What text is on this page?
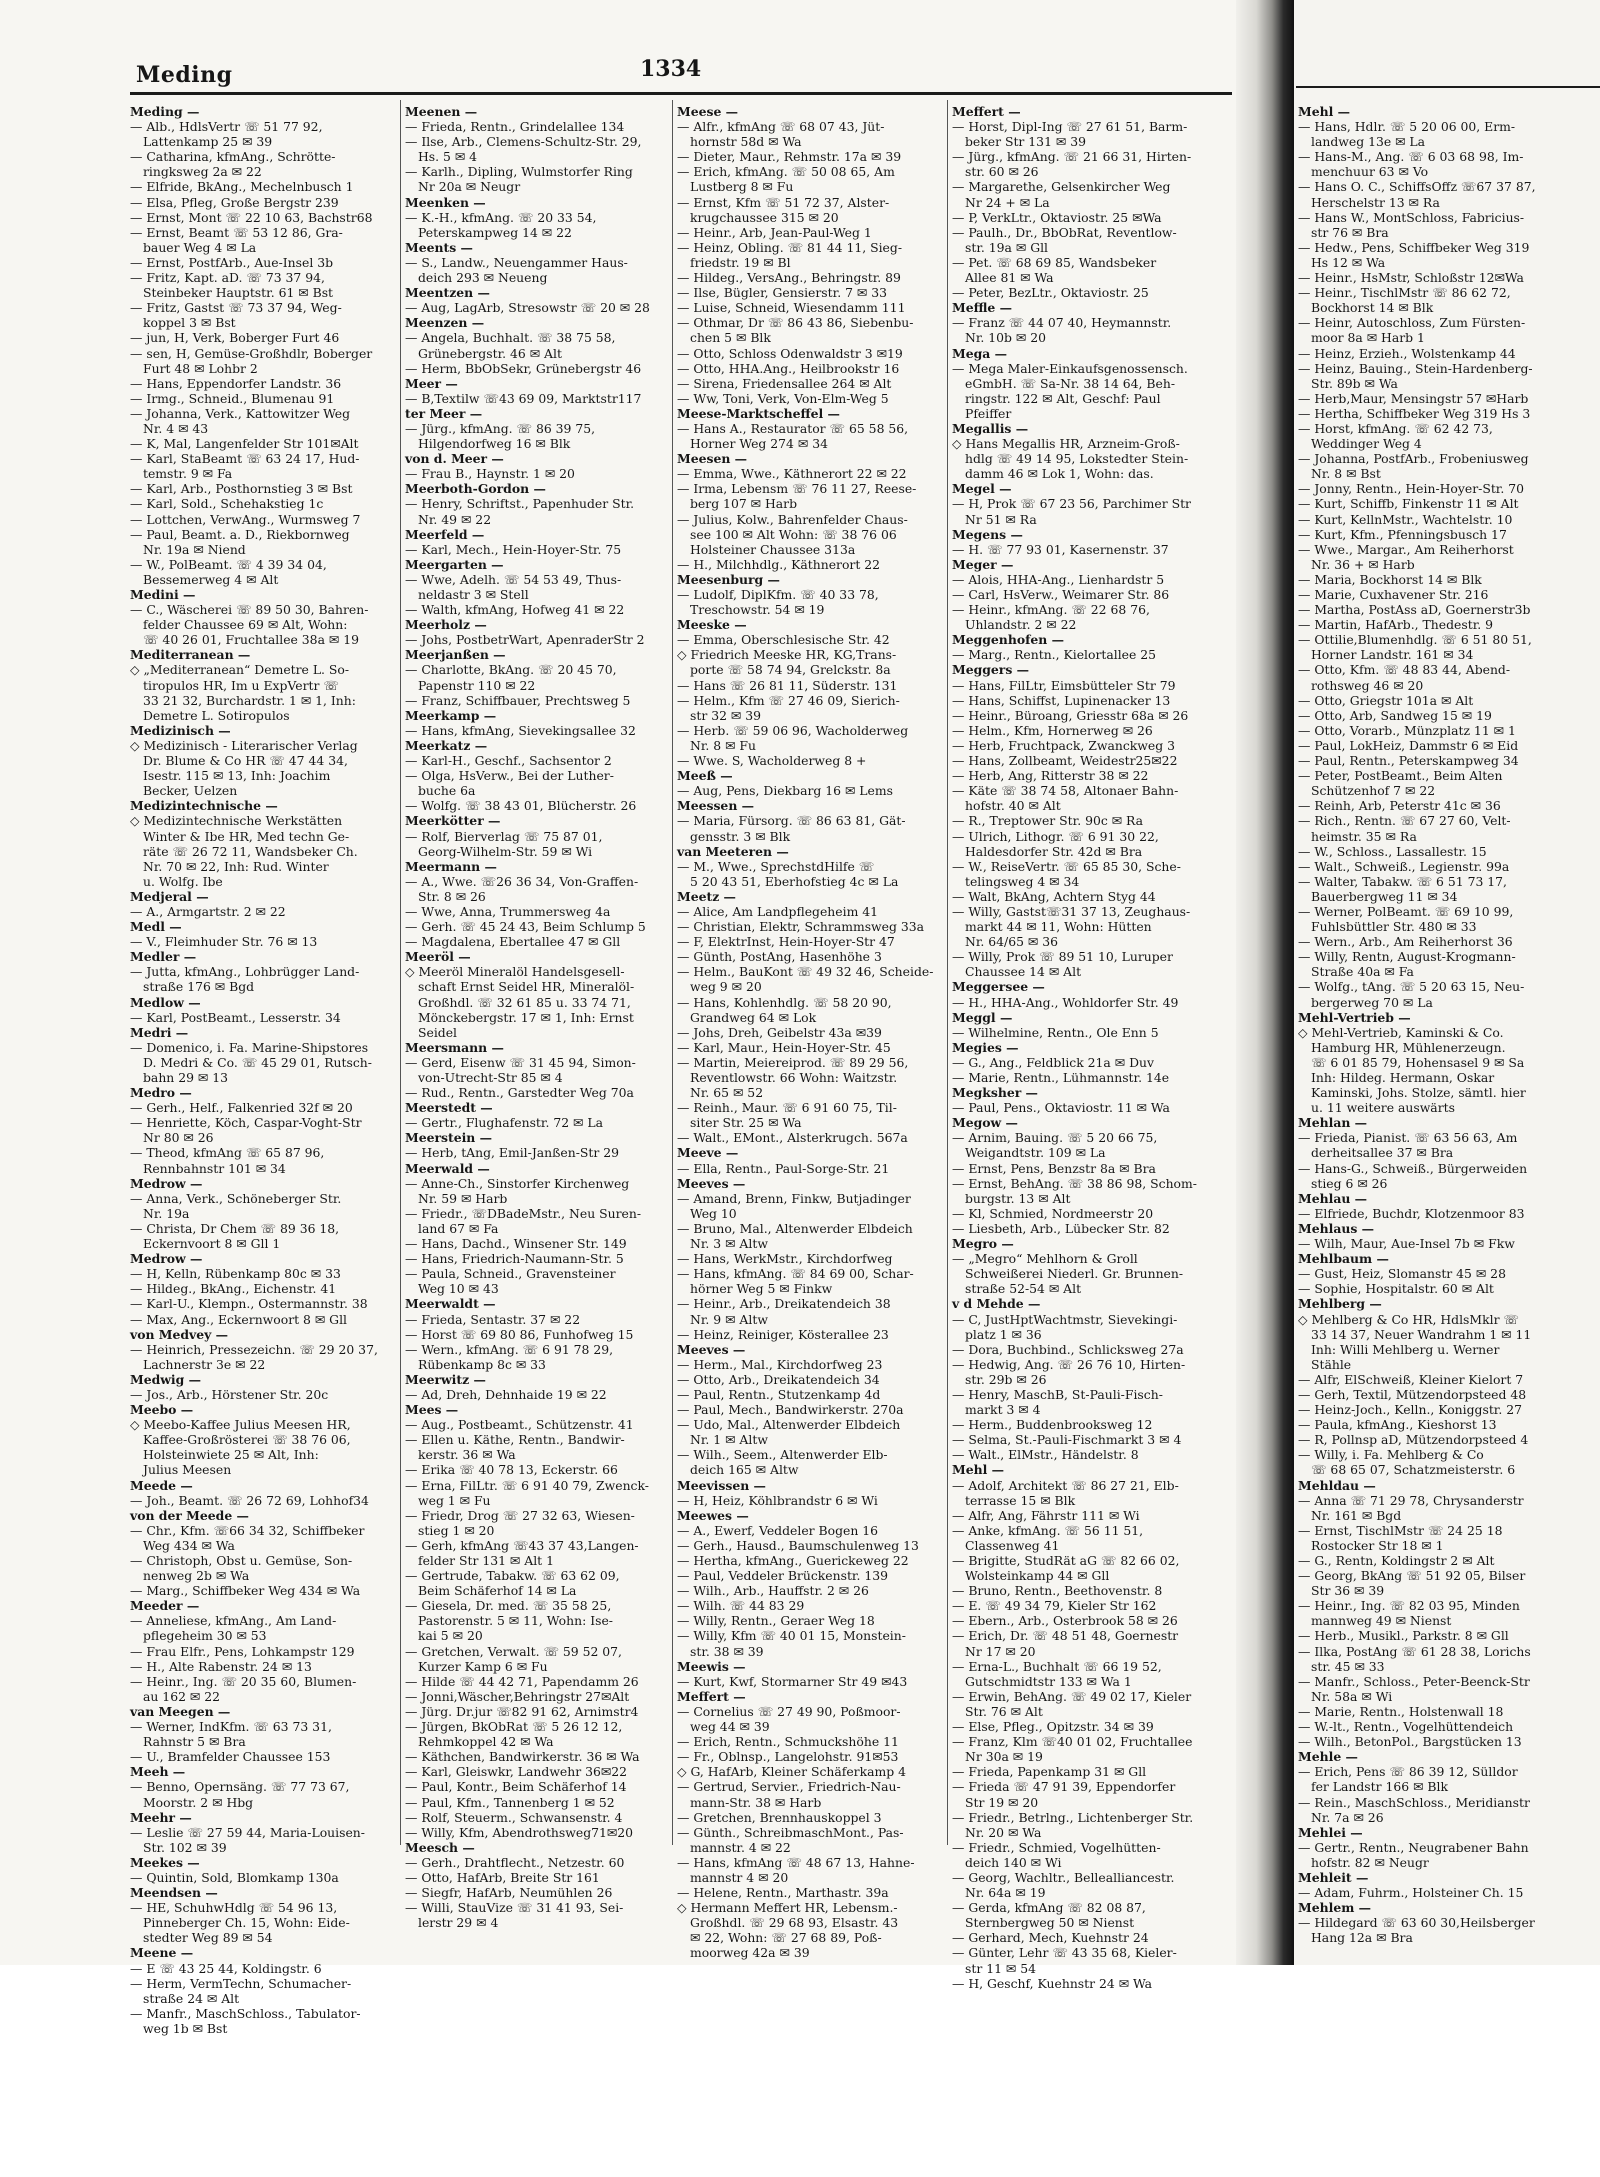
Meding	1334
Meding —
— Alb., HdlsVertr ☏ 51 77 92,
Lattenkamp 25 ✉ 39
— Catharina, kfmAng., Schrötte-
ringksweg 2a ✉ 22
— Elfride, BkAng., Mechelnbusch 1
— Elsa, Pfleg, Große Bergstr 239
— Ernst, Mont ☏ 22 10 63, Bachstr68
— Ernst, Beamt ☏ 53 12 86, Gra-
bauer Weg 4 ✉ La
— Ernst, PostfArb., Aue-Insel 3b
— Fritz, Kapt. aD. ☏ 73 37 94,
Steinbeker Hauptstr. 61 ✉ Bst
— Fritz, Gastst ☏ 73 37 94, Weg-
koppel 3 ✉ Bst
— jun, H, Verk, Boberger Furt 46
— sen, H, Gemüse-Großhdlr, Boberger
Furt 48 ✉ Lohbr 2
— Hans, Eppendorfer Landstr. 36
— Irmg., Schneid., Blumenau 91
— Johanna, Verk., Kattowitzer Weg
Nr. 4 ✉ 43
— K, Mal, Langenfelder Str 101✉Alt
— Karl, StaBeamt ☏ 63 24 17, Hud-
temstr. 9 ✉ Fa
— Karl, Arb., Posthornstieg 3 ✉ Bst
— Karl, Sold., Schehakstieg 1c
— Lottchen, VerwAng., Wurmsweg 7
— Paul, Beamt. a. D., Riekbornweg
Nr. 19a ✉ Niend
— W., PolBeamt. ☏ 4 39 34 04,
Bessemerweg 4 ✉ Alt
Medini —
— C., Wäscherei ☏ 89 50 30, Bahren-
felder Chaussee 69 ✉ Alt, Wohn:
☏ 40 26 01, Fruchtallee 38a ✉ 19
Mediterranean —
◇ „Mediterranean“ Demetre L. So-
tiropulos HR, Im u ExpVertr ☏
33 21 32, Burchardstr. 1 ✉ 1, Inh:
Demetre L. Sotiropulos
Medizinisch —
◇ Medizinisch - Literarischer Verlag
Dr. Blume & Co HR ☏ 47 44 34,
Isestr. 115 ✉ 13, Inh: Joachim
Becker, Uelzen
Medizintechnische —
◇ Medizintechnische Werkstätten
Winter & Ibe HR, Med techn Ge-
räte ☏ 26 72 11, Wandsbeker Ch.
Nr. 70 ✉ 22, Inh: Rud. Winter
u. Wolfg. Ibe
Medjeral —
— A., Armgartstr. 2 ✉ 22
Medl —
— V., Fleimhuder Str. 76 ✉ 13
Medler —
— Jutta, kfmAng., Lohbrügger Land-
straße 176 ✉ Bgd
Medlow —
— Karl, PostBeamt., Lesserstr. 34
Medri —
— Domenico, i. Fa. Marine-Shipstores
D. Medri & Co. ☏ 45 29 01, Rutsch-
bahn 29 ✉ 13
Medro —
— Gerh., Helf., Falkenried 32f ✉ 20
— Henriette, Köch, Caspar-Voght-Str
Nr 80 ✉ 26
— Theod, kfmAng ☏ 65 87 96,
Rennbahnstr 101 ✉ 34
Medrow —
— Anna, Verk., Schöneberger Str.
Nr. 19a
— Christa, Dr Chem ☏ 89 36 18,
Eckernvoort 8 ✉ Gll 1
Medrow —
— H, Kelln, Rübenkamp 80c ✉ 33
— Hildeg., BkAng., Eichenstr. 41
— Karl-U., Klempn., Ostermannstr. 38
— Max, Ang., Eckernwoort 8 ✉ Gll
von Medvey —
— Heinrich, Pressezeichn. ☏ 29 20 37,
Lachnerstr 3e ✉ 22
Medwig —
— Jos., Arb., Hörstener Str. 20c
Meebo —
◇ Meebo-Kaffee Julius Meesen HR,
Kaffee-Großrösterei ☏ 38 76 06,
Holsteinwiete 25 ✉ Alt, Inh:
Julius Meesen
Meede —
— Joh., Beamt. ☏ 26 72 69, Lohhof34
von der Meede —
— Chr., Kfm. ☏66 34 32, Schiffbeker
Weg 434 ✉ Wa
— Christoph, Obst u. Gemüse, Son-
nenweg 2b ✉ Wa
— Marg., Schiffbeker Weg 434 ✉ Wa
Meeder —
— Anneliese, kfmAng., Am Land-
pflegeheim 30 ✉ 53
— Frau Elfr., Pens, Lohkampstr 129
— H., Alte Rabenstr. 24 ✉ 13
— Heinr., Ing. ☏ 20 35 60, Blumen-
au 162 ✉ 22
van Meegen —
— Werner, IndKfm. ☏ 63 73 31,
Rahnstr 5 ✉ Bra
— U., Bramfelder Chaussee 153
Meeh —
— Benno, Opernsäng. ☏ 77 73 67,
Moorstr. 2 ✉ Hbg
Meehr —
— Leslie ☏ 27 59 44, Maria-Louisen-
Str. 102 ✉ 39
Meekes —
— Quintin, Sold, Blomkamp 130a
Meendsen —
— HE, SchuhwHdlg ☏ 54 96 13,
Pinneberger Ch. 15, Wohn: Eide-
stedter Weg 89 ✉ 54
Meene —
— E ☏ 43 25 44, Koldingstr. 6
— Herm, VermTechn, Schumacher-
straße 24 ✉ Alt
— Manfr., MaschSchloss., Tabulator-
weg 1b ✉ Bst
Meenen —
— Frieda, Rentn., Grindelallee 134
— Ilse, Arb., Clemens-Schultz-Str. 29,
Hs. 5 ✉ 4
— Karlh., Dipling, Wulmstorfer Ring
Nr 20a ✉ Neugr
Meenken —
— K.-H., kfmAng. ☏ 20 33 54,
Peterskampweg 14 ✉ 22
Meents —
— S., Landw., Neuengammer Haus-
deich 293 ✉ Neueng
Meentzen —
— Aug, LagArb, Stresowstr ☏ 20 ✉ 28
Meenzen —
— Angela, Buchhalt. ☏ 38 75 58,
Grünebergstr. 46 ✉ Alt
— Herm, BbObSekr, Grünebergstr 46
Meer —
— B,Textilw ☏43 69 09, Marktstr117
ter Meer —
— Jürg., kfmAng. ☏ 86 39 75,
Hilgendorfweg 16 ✉ Blk
von d. Meer —
— Frau B., Haynstr. 1 ✉ 20
Meerboth-Gordon —
— Henry, Schriftst., Papenhuder Str.
Nr. 49 ✉ 22
Meerfeld —
— Karl, Mech., Hein-Hoyer-Str. 75
Meergarten —
— Wwe, Adelh. ☏ 54 53 49, Thus-
neldastr 3 ✉ Stell
— Walth, kfmAng, Hofweg 41 ✉ 22
Meerholz —
— Johs, PostbetrWart, ApenraderStr 2
Meerjanßen —
— Charlotte, BkAng. ☏ 20 45 70,
Papenstr 110 ✉ 22
— Franz, Schiffbauer, Prechtsweg 5
Meerkamp —
— Hans, kfmAng, Sievekingsallee 32
Meerkatz —
— Karl-H., Geschf., Sachsentor 2
— Olga, HsVerw., Bei der Luther-
buche 6a
— Wolfg. ☏ 38 43 01, Blücherstr. 26
Meerkötter —
— Rolf, Bierverlag ☏ 75 87 01,
Georg-Wilhelm-Str. 59 ✉ Wi
Meermann —
— A., Wwe. ☏26 36 34, Von-Graffen-
Str. 8 ✉ 26
— Wwe, Anna, Trummersweg 4a
— Gerh. ☏ 45 24 43, Beim Schlump 5
— Magdalena, Ebertallee 47 ✉ Gll
Meeröl —
◇ Meeröl Mineralöl Handelsgesell-
schaft Ernst Seidel HR, Mineralöl-
Großhdl. ☏ 32 61 85 u. 33 74 71,
Mönckebergstr. 17 ✉ 1, Inh: Ernst
Seidel
Meersmann —
— Gerd, Eisenw ☏ 31 45 94, Simon-
von-Utrecht-Str 85 ✉ 4
— Rud., Rentn., Garstedter Weg 70a
Meerstedt —
— Gertr., Flughafenstr. 72 ✉ La
Meerstein —
— Herb, tAng, Emil-Janßen-Str 29
Meerwald —
— Anne-Ch., Sinstorfer Kirchenweg
Nr. 59 ✉ Harb
— Friedr., ☏DBadeMstr., Neu Suren-
land 67 ✉ Fa
— Hans, Dachd., Winsener Str. 149
— Hans, Friedrich-Naumann-Str. 5
— Paula, Schneid., Gravensteiner
Weg 10 ✉ 43
Meerwaldt —
— Frieda, Sentastr. 37 ✉ 22
— Horst ☏ 69 80 86, Funhofweg 15
— Wern., kfmAng. ☏ 6 91 78 29,
Rübenkamp 8c ✉ 33
Meerwitz —
— Ad, Dreh, Dehnhaide 19 ✉ 22
Mees —
— Aug., Postbeamt., Schützenstr. 41
— Ellen u. Käthe, Rentn., Bandwir-
kerstr. 36 ✉ Wa
— Erika ☏ 40 78 13, Eckerstr. 66
— Erna, FilLtr. ☏ 6 91 40 79, Zwenck-
weg 1 ✉ Fu
— Friedr, Drog ☏ 27 32 63, Wiesen-
stieg 1 ✉ 20
— Gerh, kfmAng ☏43 37 43,Langen-
felder Str 131 ✉ Alt 1
— Gertrude, Tabakw. ☏ 63 62 09,
Beim Schäferhof 14 ✉ La
— Giesela, Dr. med. ☏ 35 58 25,
Pastorenstr. 5 ✉ 11, Wohn: Ise-
kai 5 ✉ 20
— Gretchen, Verwalt. ☏ 59 52 07,
Kurzer Kamp 6 ✉ Fu
— Hilde ☏ 44 42 71, Papendamm 26
— Jonni,Wäscher,Behringstr 27✉Alt
— Jürg. Dr.jur ☏82 91 62, Arnimstr4
— Jürgen, BkObRat ☏ 5 26 12 12,
Rehmkoppel 42 ✉ Wa
— Käthchen, Bandwirkerstr. 36 ✉ Wa
— Karl, Gleiswkr, Landwehr 36✉22
— Paul, Kontr., Beim Schäferhof 14
— Paul, Kfm., Tannenberg 1 ✉ 52
— Rolf, Steuerm., Schwansenstr. 4
— Willy, Kfm, Abendrothsweg71✉20
Meesch —
— Gerh., Drahtflecht., Netzestr. 60
— Otto, HafArb, Breite Str 161
— Siegfr, HafArb, Neumühlen 26
— Willi, StauVize ☏ 31 41 93, Sei-
lerstr 29 ✉ 4
Meese —
— Alfr., kfmAng ☏ 68 07 43, Jüt-
hornstr 58d ✉ Wa
— Dieter, Maur., Rehmstr. 17a ✉ 39
— Erich, kfmAng. ☏ 50 08 65, Am
Lustberg 8 ✉ Fu
— Ernst, Kfm ☏ 51 72 37, Alster-
krugchaussee 315 ✉ 20
— Heinr., Arb, Jean-Paul-Weg 1
— Heinz, Obling. ☏ 81 44 11, Sieg-
friedstr. 19 ✉ Bl
— Hildeg., VersAng., Behringstr. 89
— Ilse, Bügler, Gensierstr. 7 ✉ 33
— Luise, Schneid, Wiesendamm 111
— Othmar, Dr ☏ 86 43 86, Siebenbu-
chen 5 ✉ Blk
— Otto, Schloss Odenwaldstr 3 ✉19
— Otto, HHA.Ang., Heilbrookstr 16
— Sirena, Friedensallee 264 ✉ Alt
— Ww, Toni, Verk, Von-Elm-Weg 5
Meese-Marktscheffel —
— Hans A., Restaurator ☏ 65 58 56,
Horner Weg 274 ✉ 34
Meesen —
— Emma, Wwe., Käthnerort 22 ✉ 22
— Irma, Lebensm ☏ 76 11 27, Reese-
berg 107 ✉ Harb
— Julius, Kolw., Bahrenfelder Chaus-
see 100 ✉ Alt Wohn: ☏ 38 76 06
Holsteiner Chaussee 313a
— H., Milchhdlg., Käthnerort 22
Meesenburg —
— Ludolf, DiplKfm. ☏ 40 33 78,
Treschowstr. 54 ✉ 19
Meeske —
— Emma, Oberschlesische Str. 42
◇ Friedrich Meeske HR, KG,Trans-
porte ☏ 58 74 94, Grelckstr. 8a
— Hans ☏ 26 81 11, Süderstr. 131
— Helm., Kfm ☏ 27 46 09, Sierich-
str 32 ✉ 39
— Herb. ☏ 59 06 96, Wacholderweg
Nr. 8 ✉ Fu
— Wwe. S, Wacholderweg 8 +
Meeß —
— Aug, Pens, Diekbarg 16 ✉ Lems
Meessen —
— Maria, Fürsorg. ☏ 86 63 81, Gät-
gensstr. 3 ✉ Blk
van Meeteren —
— M., Wwe., SprechstdHilfe ☏
5 20 43 51, Eberhofstieg 4c ✉ La
Meetz —
— Alice, Am Landpflegeheim 41
— Christian, Elektr, Schrammsweg 33a
— F, ElektrInst, Hein-Hoyer-Str 47
— Günth, PostAng, Hasenhöhe 3
— Helm., BauKont ☏ 49 32 46, Scheide-
weg 9 ✉ 20
— Hans, Kohlenhdlg. ☏ 58 20 90,
Grandweg 64 ✉ Lok
— Johs, Dreh, Geibelstr 43a ✉39
— Karl, Maur., Hein-Hoyer-Str. 45
— Martin, Meiereiprod. ☏ 89 29 56,
Reventlowstr. 66 Wohn: Waitzstr.
Nr. 65 ✉ 52
— Reinh., Maur. ☏ 6 91 60 75, Til-
siter Str. 25 ✉ Wa
— Walt., EMont., Alsterkrugch. 567a
Meeve —
— Ella, Rentn., Paul-Sorge-Str. 21
Meeves —
— Amand, Brenn, Finkw, Butjadinger
Weg 10
— Bruno, Mal., Altenwerder Elbdeich
Nr. 3 ✉ Altw
— Hans, WerkMstr., Kirchdorfweg
— Hans, kfmAng. ☏ 84 69 00, Schar-
hörner Weg 5 ✉ Finkw
— Heinr., Arb., Dreikatendeich 38
Nr. 9 ✉ Altw
— Heinz, Reiniger, Kösterallee 23
Meeves —
— Herm., Mal., Kirchdorfweg 23
— Otto, Arb., Dreikatendeich 34
— Paul, Rentn., Stutzenkamp 4d
— Paul, Mech., Bandwirkerstr. 270a
— Udo, Mal., Altenwerder Elbdeich
Nr. 1 ✉ Altw
— Wilh., Seem., Altenwerder Elb-
deich 165 ✉ Altw
Meevissen —
— H, Heiz, Köhlbrandstr 6 ✉ Wi
Meewes —
— A., Ewerf, Veddeler Bogen 16
— Gerh., Hausd., Baumschulenweg 13
— Hertha, kfmAng., Guerickeweg 22
— Paul, Veddeler Brückenstr. 139
— Wilh., Arb., Hauffstr. 2 ✉ 26
— Wilh. ☏ 44 83 29
— Willy, Rentn., Geraer Weg 18
— Willy, Kfm ☏ 40 01 15, Monstein-
str. 38 ✉ 39
Meewis —
— Kurt, Kwf, Stormarner Str 49 ✉43
Meffert —
— Cornelius ☏ 27 49 90, Poßmoor-
weg 44 ✉ 39
— Erich, Rentn., Schmuckshöhe 11
— Fr., Oblnsp., Langelohstr. 91✉53
◇ G, HafArb, Kleiner Schäferkamp 4
— Gertrud, Servier., Friedrich-Nau-
mann-Str. 38 ✉ Harb
— Gretchen, Brennhauskoppel 3
— Günth., SchreibmaschMont., Pas-
mannstr. 4 ✉ 22
— Hans, kfmAng ☏ 48 67 13, Hahne-
mannstr 4 ✉ 20
— Helene, Rentn., Marthastr. 39a
◇ Hermann Meffert HR, Lebensm.-
Großhdl. ☏ 29 68 93, Elsastr. 43
✉ 22, Wohn: ☏ 27 68 89, Poß-
moorweg 42a ✉ 39
Meffert —
— Horst, Dipl-Ing ☏ 27 61 51, Barm-
beker Str 131 ✉ 39
— Jürg., kfmAng. ☏ 21 66 31, Hirten-
str. 60 ✉ 26
— Margarethe, Gelsenkircher Weg
Nr 24 + ✉ La
— P, VerkLtr., Oktaviostr. 25 ✉Wa
— Paulh., Dr., BbObRat, Reventlow-
str. 19a ✉ Gll
— Pet. ☏ 68 69 85, Wandsbeker
Allee 81 ✉ Wa
— Peter, BezLtr., Oktaviostr. 25
Meffle —
— Franz ☏ 44 07 40, Heymannstr.
Nr. 10b ✉ 20
Mega —
— Mega Maler-Einkaufsgenossensch.
eGmbH. ☏ Sa-Nr. 38 14 64, Beh-
ringstr. 122 ✉ Alt, Geschf: Paul
Pfeiffer
Megallis —
◇ Hans Megallis HR, Arzneim-Groß-
hdlg ☏ 49 14 95, Lokstedter Stein-
damm 46 ✉ Lok 1, Wohn: das.
Megel —
— H, Prok ☏ 67 23 56, Parchimer Str
Nr 51 ✉ Ra
Megens —
— H. ☏ 77 93 01, Kasernenstr. 37
Meger —
— Alois, HHA-Ang., Lienhardstr 5
— Carl, HsVerw., Weimarer Str. 86
— Heinr., kfmAng. ☏ 22 68 76,
Uhlandstr. 2 ✉ 22
Meggenhofen —
— Marg., Rentn., Kielortallee 25
Meggers —
— Hans, FilLtr, Eimsbütteler Str 79
— Hans, Schiffst, Lupinenacker 13
— Heinr., Büroang, Griesstr 68a ✉ 26
— Helm., Kfm, Hornerweg ✉ 26
— Herb, Fruchtpack, Zwanckweg 3
— Hans, Zollbeamt, Weidestr25✉22
— Herb, Ang, Ritterstr 38 ✉ 22
— Käte ☏ 38 74 58, Altonaer Bahn-
hofstr. 40 ✉ Alt
— R., Treptower Str. 90c ✉ Ra
— Ulrich, Lithogr. ☏ 6 91 30 22,
Haldesdorfer Str. 42d ✉ Bra
— W., ReiseVertr. ☏ 65 85 30, Sche-
telingsweg 4 ✉ 34
— Walt, BkAng, Achtern Styg 44
— Willy, Gastst☏31 37 13, Zeughaus-
markt 44 ✉ 11, Wohn: Hütten
Nr. 64/65 ✉ 36
— Willy, Prok ☏ 89 51 10, Luruper
Chaussee 14 ✉ Alt
Meggersee —
— H., HHA-Ang., Wohldorfer Str. 49
Meggl —
— Wilhelmine, Rentn., Ole Enn 5
Megies —
— G., Ang., Feldblick 21a ✉ Duv
— Marie, Rentn., Lühmannstr. 14e
Megksher —
— Paul, Pens., Oktaviostr. 11 ✉ Wa
Megow —
— Arnim, Bauing. ☏ 5 20 66 75,
Weigandtstr. 109 ✉ La
— Ernst, Pens, Benzstr 8a ✉ Bra
— Ernst, BehAng. ☏ 38 86 98, Schom-
burgstr. 13 ✉ Alt
— Kl, Schmied, Nordmeerstr 20
— Liesbeth, Arb., Lübecker Str. 82
Megro —
— „Megro“ Mehlhorn & Groll
Schweißerei Niederl. Gr. Brunnen-
straße 52-54 ✉ Alt
v d Mehde —
— C, JustHptWachtmstr, Sievekingi-
platz 1 ✉ 36
— Dora, Buchbind., Schlicksweg 27a
— Hedwig, Ang. ☏ 26 76 10, Hirten-
str. 29b ✉ 26
— Henry, MaschB, St-Pauli-Fisch-
markt 3 ✉ 4
— Herm., Buddenbrooksweg 12
— Selma, St.-Pauli-Fischmarkt 3 ✉ 4
— Walt., ElMstr., Händelstr. 8
Mehl —
— Adolf, Architekt ☏ 86 27 21, Elb-
terrasse 15 ✉ Blk
— Alfr, Ang, Fährstr 111 ✉ Wi
— Anke, kfmAng. ☏ 56 11 51,
Classenweg 41
— Brigitte, StudRät aG ☏ 82 66 02,
Wolsteinkamp 44 ✉ Gll
— Bruno, Rentn., Beethovenstr. 8
— E. ☏ 49 34 79, Kieler Str 162
— Ebern., Arb., Osterbrook 58 ✉ 26
— Erich, Dr. ☏ 48 51 48, Goernestr
Nr 17 ✉ 20
— Erna-L., Buchhalt ☏ 66 19 52,
Gutschmidtstr 133 ✉ Wa 1
— Erwin, BehAng. ☏ 49 02 17, Kieler
Str. 76 ✉ Alt
— Else, Pfleg., Opitzstr. 34 ✉ 39
— Franz, Klm ☏40 01 02, Fruchtallee
Nr 30a ✉ 19
— Frieda, Papenkamp 31 ✉ Gll
— Frieda ☏ 47 91 39, Eppendorfer
Str 19 ✉ 20
— Friedr., Betrlng., Lichtenberger Str.
Nr. 20 ✉ Wa
— Friedr., Schmied, Vogelhütten-
deich 140 ✉ Wi
— Georg, Wachltr., Bellealliancestr.
Nr. 64a ✉ 19
— Gerda, kfmAng ☏ 82 08 87,
Sternbergweg 50 ✉ Nienst
— Gerhard, Mech, Kuehnstr 24
— Günter, Lehr ☏ 43 35 68, Kieler-
str 11 ✉ 54
— H, Geschf, Kuehnstr 24 ✉ Wa
Mehl —
— Hans, Hdlr. ☏ 5 20 06 00, Erm-
landweg 13e ✉ La
— Hans-M., Ang. ☏ 6 03 68 98, Im-
menchuur 63 ✉ Vo
— Hans O. C., SchiffsOffz ☏67 37 87,
Herschelstr 13 ✉ Ra
— Hans W., MontSchloss, Fabricius-
str 76 ✉ Bra
— Hedw., Pens, Schiffbeker Weg 319
Hs 12 ✉ Wa
— Heinr., HsMstr, Schloßstr 12✉Wa
— Heinr., TischlMstr ☏ 86 62 72,
Bockhorst 14 ✉ Blk
— Heinr, Autoschloss, Zum Fürsten-
moor 8a ✉ Harb 1
— Heinz, Erzieh., Wolstenkamp 44
— Heinz, Bauing., Stein-Hardenberg-
Str. 89b ✉ Wa
— Herb,Maur, Mensingstr 57 ✉Harb
— Hertha, Schiffbeker Weg 319 Hs 3
— Horst, kfmAng. ☏ 62 42 73,
Weddinger Weg 4
— Johanna, PostfArb., Frobeniusweg
Nr. 8 ✉ Bst
— Jonny, Rentn., Hein-Hoyer-Str. 70
— Kurt, Schiffb, Finkenstr 11 ✉ Alt
— Kurt, KellnMstr., Wachtelstr. 10
— Kurt, Kfm., Pfenningsbusch 17
— Wwe., Margar., Am Reiherhorst
Nr. 36 + ✉ Harb
— Maria, Bockhorst 14 ✉ Blk
— Marie, Cuxhavener Str. 216
— Martha, PostAss aD, Goernerstr3b
— Martin, HafArb., Thedestr. 9
— Ottilie,Blumenhdlg. ☏ 6 51 80 51,
Horner Landstr. 161 ✉ 34
— Otto, Kfm. ☏ 48 83 44, Abend-
rothsweg 46 ✉ 20
— Otto, Griegstr 101a ✉ Alt
— Otto, Arb, Sandweg 15 ✉ 19
— Otto, Vorarb., Münzplatz 11 ✉ 1
— Paul, LokHeiz, Dammstr 6 ✉ Eid
— Paul, Rentn., Peterskampweg 34
— Peter, PostBeamt., Beim Alten
Schützenhof 7 ✉ 22
— Reinh, Arb, Peterstr 41c ✉ 36
— Rich., Rentn. ☏ 67 27 60, Velt-
heimstr. 35 ✉ Ra
— W., Schloss., Lassallestr. 15
— Walt., Schweiß., Legienstr. 99a
— Walter, Tabakw. ☏ 6 51 73 17,
Bauerbergweg 11 ✉ 34
— Werner, PolBeamt. ☏ 69 10 99,
Fuhlsbüttler Str. 480 ✉ 33
— Wern., Arb., Am Reiherhorst 36
— Willy, Rentn, August-Krogmann-
Straße 40a ✉ Fa
— Wolfg., tAng. ☏ 5 20 63 15, Neu-
bergerweg 70 ✉ La
Mehl-Vertrieb —
◇ Mehl-Vertrieb, Kaminski & Co.
Hamburg HR, Mühlenerzeugn.
☏ 6 01 85 79, Hohensasel 9 ✉ Sa
Inh: Hildeg. Hermann, Oskar
Kaminski, Johs. Stolze, sämtl. hier
u. 11 weitere auswärts
Mehlan —
— Frieda, Pianist. ☏ 63 56 63, Am
derheitsallee 37 ✉ Bra
— Hans-G., Schweiß., Bürgerweiden
stieg 6 ✉ 26
Mehlau —
— Elfriede, Buchdr, Klotzenmoor 83
Mehlaus —
— Wilh, Maur, Aue-Insel 7b ✉ Fkw
Mehlbaum —
— Gust, Heiz, Slomanstr 45 ✉ 28
— Sophie, Hospitalstr. 60 ✉ Alt
Mehlberg —
◇ Mehlberg & Co HR, HdlsMklr ☏
33 14 37, Neuer Wandrahm 1 ✉ 11
Inh: Willi Mehlberg u. Werner
Stähle
— Alfr, ElSchweiß, Kleiner Kielort 7
— Gerh, Textil, Mützendorpsteed 48
— Heinz-Joch., Kelln., Koniggstr. 27
— Paula, kfmAng., Kieshorst 13
— R, Pollnsp aD, Mützendorpsteed 4
— Willy, i. Fa. Mehlberg & Co
☏ 68 65 07, Schatzmeisterstr. 6
Mehldau —
— Anna ☏ 71 29 78, Chrysanderstr
Nr. 161 ✉ Bgd
— Ernst, TischlMstr ☏ 24 25 18
Rostocker Str 18 ✉ 1
— G., Rentn, Koldingstr 2 ✉ Alt
— Georg, BkAng ☏ 51 92 05, Bilser
Str 36 ✉ 39
— Heinr., Ing. ☏ 82 03 95, Minden
mannweg 49 ✉ Nienst
— Herb., Musikl., Parkstr. 8 ✉ Gll
— Ilka, PostAng ☏ 61 28 38, Lorichs
str. 45 ✉ 33
— Manfr., Schloss., Peter-Beenck-Str
Nr. 58a ✉ Wi
— Marie, Rentn., Holstenwall 18
— W.-lt., Rentn., Vogelhüttendeich
— Wilh., BetonPol., Bargstücken 13
Mehle —
— Erich, Pens ☏ 86 39 12, Sülldor
fer Landstr 166 ✉ Blk
— Rein., MaschSchloss., Meridianstr
Nr. 7a ✉ 26
Mehlei —
— Gertr., Rentn., Neugrabener Bahn
hofstr. 82 ✉ Neugr
Mehleit —
— Adam, Fuhrm., Holsteiner Ch. 15
Mehlem —
— Hildegard ☏ 63 60 30,Heilsberger
Hang 12a ✉ Bra
